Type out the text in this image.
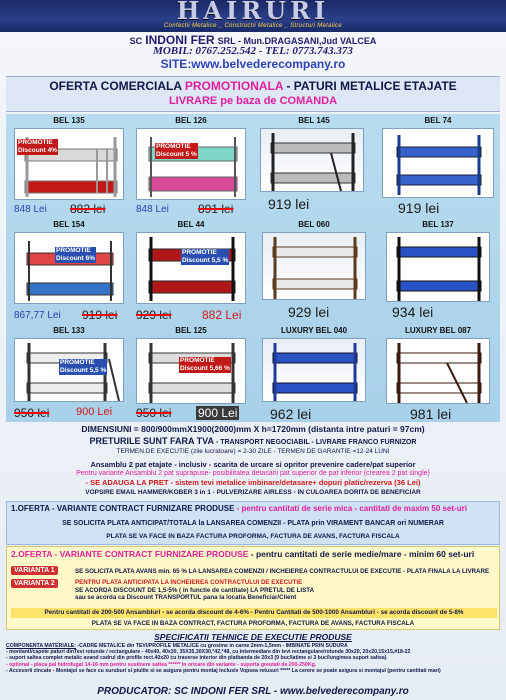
HAIRURI
Confectii Metalice _ Constructii Metalice _ Structuri Metalice
SC INDONI FER SRL - Mun.DRAGASANI,Jud VALCEA
MOBIL: 0767.252.542 - TEL: 0773.743.373
SITE:www.belvederecompany.ro
OFERTA COMERCIALA PROMOTIONALA - PATURI METALICE ETAJATE
LIVRARE pe baza de COMANDA
BEL 135
PROMOTIE
Discount 4%
848 Lei 882 lei
BEL 126
PROMOTIE
Discount 5 %
848 Lei 891 lei
BEL 145
919 lei
BEL 74
919 lei
BEL 154
PROMOTIE
Discount 6%
867,77 Lei 919 lei
BEL 44
PROMOTIE
Discount 5,5 %
929 lei	882 Lei
BEL 060
929 lei
BEL 137
934 lei
BEL 133
PROMOTIE
Discount 5,5 %
950 lei 900 Lei
BEL 125
PROMOTIE
Discount 5,66 %
950 lei 900 Lei
LUXURY BEL 040
962 lei
LUXURY BEL 087
981 lei
DIMENSIUNI = 800/900mmX1900(2000)mm X h=1720mm (distanta intre paturi = 97cm)
PRETURILE SUNT FARA TVA - TRANSPORT NEGOCIABIL - LIVRARE FRANCO FURNIZOR
TERMEN DE EXECUTIE (zile lucratoare) = 2-30 ZILE - TERMEN DE GARANTIE =12-24 LUNI
Ansamblu 2 pat etajate - inclusiv - scarita de urcare si opritor prevenire cadere/pat superior
Pentru variante Ansamblu 2 pat suprapuse- posibilitatea detasarii pat superior de pat inferior (crearea 2 pat single)
- SE ADAUGA LA PRET - sistem tevi metalice imbinare/detasare+ dopuri platic/rezerva (36 Lei)
VOPSIRE EMAIL HAMMER/KOBER 3 in 1 - PULVERIZARE AIRLESS - IN CULOAREA DORITA DE BENEFICIAR
1.OFERTA - VARIANTE CONTRACT FURNIZARE PRODUSE - pentru cantitati de serie mica - cantitati de maxim 50 set-uri
SE SOLICITA PLATA ANTICIPAT/TOTALA la LANSAREA COMENZII - PLATA prin VIRAMENT BANCAR ori NUMERAR
PLATA SE VA FACE IN BAZA FACTURA PROFORMA, FACTURA DE AVANS, FACTURA FISCALA
2.OFERTA - VARIANTE CONTRACT FURNIZARE PRODUSE - pentru cantitati de serie medie/mare - minim 60 set-uri
VARIANTA 1	SE SOLICITA PLATA AVANS min. 65 % LA LANSAREA COMENZII / INCHEIEREA CONTRACTULUI DE EXECUTIE - PLATA FINALA LA LIVRARE
VARIANTA 2	PENTRU PLATA ANTICIPATA LA INCHEIEREA CONTRACTULUI DE EXECUTIE
SE ACORDA DISCOUNT DE 1,5-5% ( in functie de cantitate) LA PRETUL DE LISTA
sau se acorda ca Discount TRANSPORTUL pana la locatia Beneficiar/Client
Pentru cantitati de 200-500 Ansambluri - se acorda discount de 4-6% - Pentru Cantitati de 500-1000 Ansambluri - se acorda discount de 5-8%
PLATA SE VA FACE IN BAZA CONTRACT, FACTURA PROFORMA, FACTURA DE AVANS, FACTURA FISCALA
SPECIFICATII TEHNICE DE EXECUTIE PRODUSE
COMPONENTA MATERIALE: -CADRE METALICE din TEVI/PROFILE METALICE cu grosime in carne 2mm-1,5mm - IMBINATE PRIN SUDURA
- montanti/capete paturi dinTevi rotunde / rectangulare - 40x40, 40x30, 35X35,30X30,*42,*48, cu intermediare din tevi rectangulare/rotunde 30x20, 20x20,15x15,#18-22
- suport saltea complet metalic avand cadrul din profile rect.40x20 cu traverse interior din platbanda de 20x3 (9 buc/latime si 3 buc/lungimea suport saltea)
- optional - placa pal hidrofugat 14-16 mm pentru sustinere saltea ****** In oricare din variante - suporta greutati de 200-250Kg.
- Accesorii zincate - Montajul se face cu suruburi si piulite si se asigura pentru montaj inclusiv Vopsea retusuri ***** La cerere se poate asigura si montajul (pentru cantitati mari)
PRODUCATOR: SC INDONI FER SRL - www.belvederecompany.ro
